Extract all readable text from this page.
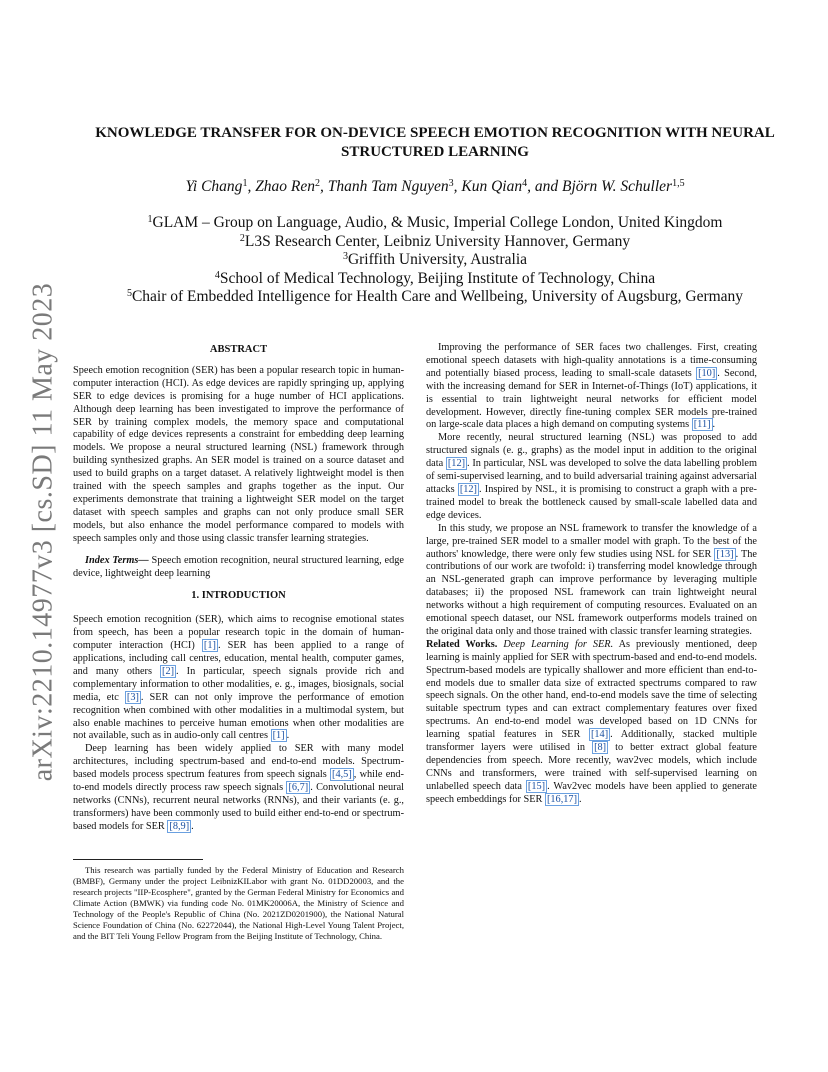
arXiv:2210.14977v3 [cs.SD] 11 May 2023
KNOWLEDGE TRANSFER FOR ON-DEVICE SPEECH EMOTION RECOGNITION WITH NEURAL STRUCTURED LEARNING
Yi Chang$^1$, Zhao Ren$^2$, Thanh Tam Nguyen$^3$, Kun Qian$^4$, and Björn W. Schuller$^{1,5}$
$^1$GLAM – Group on Language, Audio, & Music, Imperial College London, United Kingdom
$^2$L3S Research Center, Leibniz University Hannover, Germany
$^3$Griffith University, Australia
$^4$School of Medical Technology, Beijing Institute of Technology, China
$^5$Chair of Embedded Intelligence for Health Care and Wellbeing, University of Augsburg, Germany
ABSTRACT

Speech emotion recognition (SER) has been a popular research topic in human-computer interaction (HCI). As edge devices are rapidly springing up, applying SER to edge devices is promising for a huge number of HCI applications. Although deep learning has been investigated to improve the performance of SER by training complex models, the memory space and computational capability of edge devices represents a constraint for embedding deep learning models. We propose a neural structured learning (NSL) framework through building synthesized graphs. An SER model is trained on a source dataset and used to build graphs on a target dataset. A relatively lightweight model is then trained with the speech samples and graphs together as the input. Our experiments demonstrate that training a lightweight SER model on the target dataset with speech samples and graphs can not only produce small SER models, but also enhance the model performance compared to models with speech samples only and those using classic transfer learning strategies.

Index Terms— Speech emotion recognition, neural structured learning, edge device, lightweight deep learning

1. INTRODUCTION

Speech emotion recognition (SER), which aims to recognise emotional states from speech, has been a popular research topic in the domain of human-computer interaction (HCI) [1] . SER has been applied to a range of applications, including call centres, education, mental health, computer games, and many others [2] . In particular, speech signals provide rich and complementary information to other modalities, e. g., images, biosignals, social media, etc [3] . SER can not only improve the performance of emotion recognition when combined with other modalities in a multimodal system, but also enable machines to perceive human emotions when other modalities are not available, such as in audio-only call centres [1] .

Deep learning has been widely applied to SER with many model architectures, including spectrum-based and end-to-end models. Spectrum-based models process spectrum features from speech signals [4,5] , while end-to-end models directly process raw speech signals [6,7] . Convolutional neural networks (CNNs), recurrent neural networks (RNNs), and their variants (e. g., transformers) have been commonly used to build either end-to-end or spectrum-based models for SER [8,9] .

Improving the performance of SER faces two challenges. First, creating emotional speech datasets with high-quality annotations is a time-consuming and potentially biased process, leading to small-scale datasets [10] . Second, with the increasing demand for SER in Internet-of-Things (IoT) applications, it is essential to train lightweight neural networks for efficient model development. However, directly fine-tuning complex SER models pre-trained on large-scale data places a high demand on computing systems [11] .

More recently, neural structured learning (NSL) was proposed to add structured signals (e. g., graphs) as the model input in addition to the original data [12] . In particular, NSL was developed to solve the data labelling problem of semi-supervised learning, and to build adversarial training against adversarial attacks [12] . Inspired by NSL, it is promising to construct a graph with a pre-trained model to break the bottleneck caused by small-scale labelled data and edge devices.

In this study, we propose an NSL framework to transfer the knowledge of a large, pre-trained SER model to a smaller model with graph. To the best of the authors' knowledge, there were only few studies using NSL for SER [13] . The contributions of our work are twofold: i) transferring model knowledge through an NSL-generated graph can improve performance by leveraging multiple databases; ii) the proposed NSL framework can train lightweight neural networks without a high requirement of computing resources. Evaluated on an emotional speech dataset, our NSL framework outperforms models trained on the original data only and those trained with classic transfer learning strategies.

Related Works. Deep Learning for SER. As previously mentioned, deep learning is mainly applied for SER with spectrum-based and end-to-end models. Spectrum-based models are typically shallower and more efficient than end-to-end models due to smaller data size of extracted spectrums compared to raw speech signals. On the other hand, end-to-end models save the time of selecting suitable spectrum types and can extract complementary features over fixed spectrums. An end-to-end model was developed based on 1D CNNs for learning spatial features in SER [14] . Additionally, stacked multiple transformer layers were utilised in [8] to better extract global feature dependencies from speech. More recently, wav2vec models, which include CNNs and transformers, were trained with self-supervised learning on unlabelled speech data [15] . Wav2vec models have been applied to generate speech embeddings for SER [16,17] .

This research was partially funded by the Federal Ministry of Education and Research (BMBF), Germany under the project LeibnizKILabor with grant No. 01DD20003, and the research projects "IIP-Ecosphere", granted by the German Federal Ministry for Economics and Climate Action (BMWK) via funding code No. 01MK20006A, the Ministry of Science and Technology of the People's Republic of China (No. 2021ZD0201900), the National Natural Science Foundation of China (No. 62272044), the National High-Level Young Talent Project, and the BIT Teli Young Fellow Program from the Beijing Institute of Technology, China.
